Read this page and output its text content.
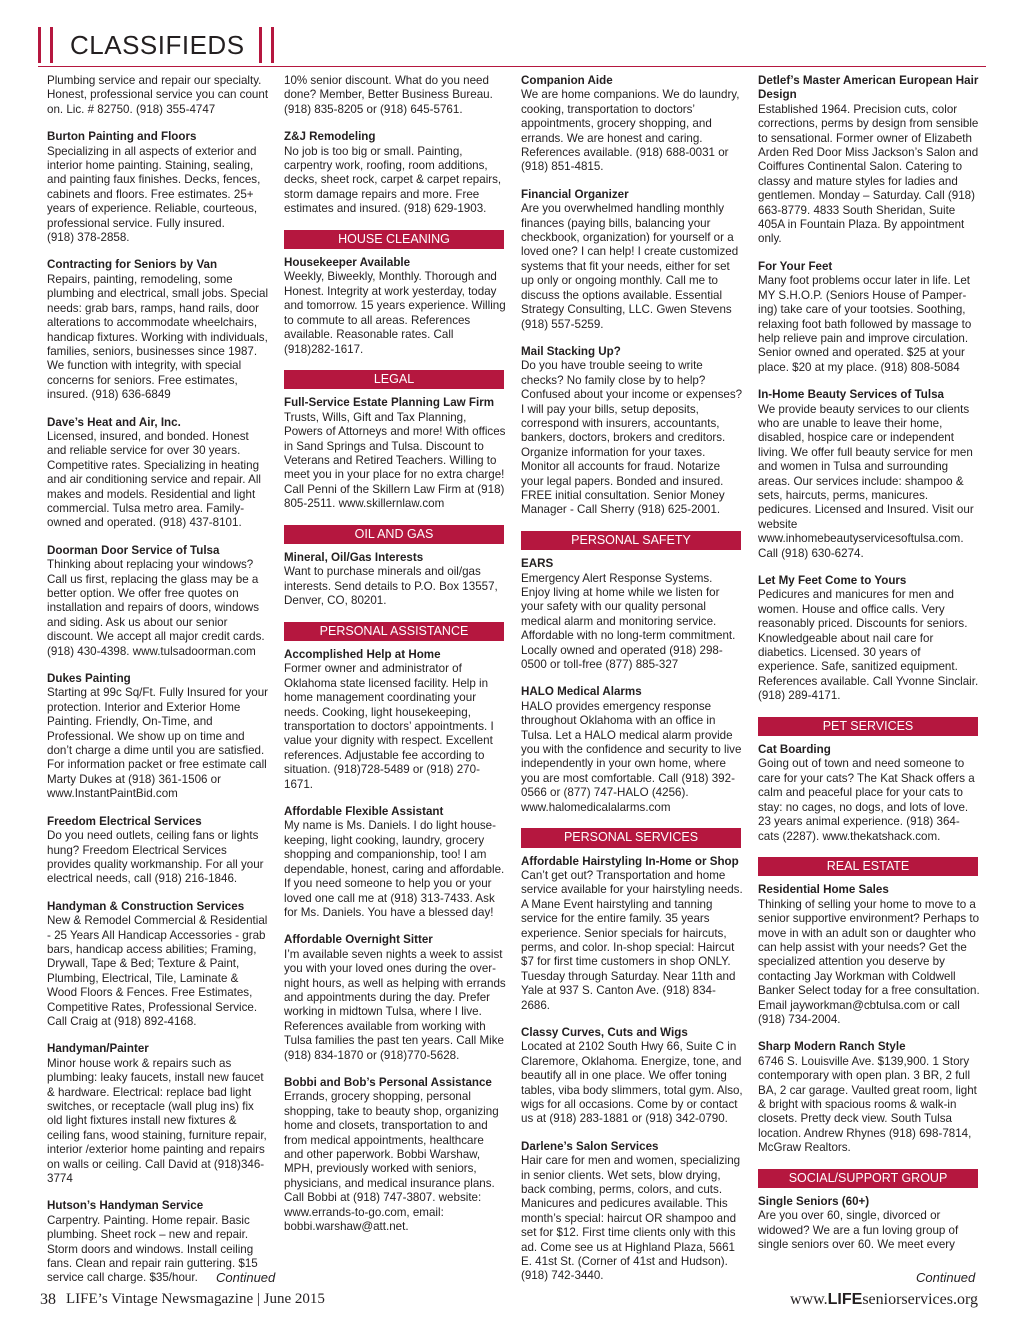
CLASSIFIEDS
Plumbing service and repair our specialty. Honest, professional service you can count on. Lic. # 82750. (918) 355-4747
Burton Painting and Floors
Specializing in all aspects of exterior and interior home painting. Staining, sealing, and painting faux finishes. Decks, fences, cabinets and floors. Free estimates. 25+ years of experience. Reliable, courteous, professional service. Fully insured.
(918) 378-2858.
Contracting for Seniors by Van
Repairs, painting, remodeling, some plumbing and electrical, small jobs. Special needs: grab bars, ramps, hand rails, door alterations to accommodate wheelchairs, handicap fixtures. Working with individuals, families, seniors, businesses since 1987. We function with integrity, with special concerns for seniors. Free estimates, insured. (918) 636-6849
Dave’s Heat and Air, Inc.
Licensed, insured, and bonded. Honest and reliable service for over 30 years. Competitive rates. Specializing in heating and air conditioning service and repair. All makes and models. Residential and light commercial. Tulsa metro area. Family-owned and operated. (918) 437-8101.
Doorman Door Service of Tulsa
Thinking about replacing your windows? Call us first, replacing the glass may be a better option. We offer free quotes on installation and repairs of doors, windows and siding. Ask us about our senior discount. We accept all major credit cards. (918) 430-4398. www.tulsadoorman.com
Dukes Painting
Starting at 99c Sq/Ft. Fully Insured for your protection. Interior and Exterior Home Painting. Friendly, On-Time, and Professional. We show up on time and don’t charge a dime until you are satisfied. For information packet or free estimate call Marty Dukes at (918) 361-1506 or www.InstantPaintBid.com
Freedom Electrical Services
Do you need outlets, ceiling fans or lights hung? Freedom Electrical Services provides quality workmanship. For all your electrical needs, call (918) 216-1846.
Handyman & Construction Services
New & Remodel Commercial & Residential - 25 Years All Handicap Accessories - grab bars, handicap access abilities; Framing, Drywall, Tape & Bed; Texture & Paint, Plumbing, Electrical, Tile, Laminate & Wood Floors & Fences. Free Estimates, Competitive Rates, Professional Service. Call Craig at (918) 892-4168.
Handyman/Painter
Minor house work & repairs such as plumbing: leaky faucets, install new faucet & hardware. Electrical: replace bad light switches, or receptacle (wall plug ins) fix old light fixtures install new fixtures & ceiling fans, wood staining, furniture repair, interior /exterior home painting and repairs on walls or ceiling. Call David at (918)346-3774
Hutson’s Handyman Service
Carpentry. Painting. Home repair. Basic plumbing. Sheet rock – new and repair. Storm doors and windows. Install ceiling fans. Clean and repair rain guttering. $15 service call charge. $35/hour.
10% senior discount. What do you need done? Member, Better Business Bureau. (918) 835-8205 or (918) 645-5761.
Z&J Remodeling
No job is too big or small. Painting, carpentry work, roofing, room additions, decks, sheet rock, carpet & carpet repairs, storm damage repairs and more. Free estimates and insured. (918) 629-1903.
HOUSE CLEANING
Housekeeper Available
Weekly, Biweekly, Monthly. Thorough and Honest. Integrity at work yesterday, today and tomorrow. 15 years experience. Willing to commute to all areas. References available. Reasonable rates. Call (918)282-1617.
LEGAL
Full-Service Estate Planning Law Firm
Trusts, Wills, Gift and Tax Planning, Powers of Attorneys and more! With offices in Sand Springs and Tulsa. Discount to Veterans and Retired Teachers. Willing to meet you in your place for no extra charge! Call Penni of the Skillern Law Firm at (918) 805-2511. www.skillernlaw.com
OIL AND GAS
Mineral, Oil/Gas Interests
Want to purchase minerals and oil/gas interests. Send details to P.O. Box 13557, Denver, CO, 80201.
PERSONAL ASSISTANCE
Accomplished Help at Home
Former owner and administrator of Oklahoma state licensed facility. Help in home management coordinating your needs. Cooking, light housekeeping, transportation to doctors’ appointments. I value your dignity with respect. Excellent references. Adjustable fee according to situation. (918)728-5489 or (918) 270-1671.
Affordable Flexible Assistant
My name is Ms. Daniels. I do light house-keeping, light cooking, laundry, grocery shopping and companionship, too! I am dependable, honest, caring and affordable. If you need someone to help you or your loved one call me at (918) 313-7433. Ask for Ms. Daniels. You have a blessed day!
Affordable Overnight Sitter
I’m available seven nights a week to assist you with your loved ones during the over-night hours, as well as helping with errands and appointments during the day. Prefer working in midtown Tulsa, where I live. References available from working with Tulsa families the past ten years. Call Mike (918) 834-1870 or (918)770-5628.
Bobbi and Bob’s Personal Assistance
Errands, grocery shopping, personal shopping, take to beauty shop, organizing home and closets, transportation to and from medical appointments, healthcare and other paperwork. Bobbi Warshaw, MPH, previously worked with seniors, physicians, and medical insurance plans. Call Bobbi at (918) 747-3807. website: www.errands-to-go.com, email: bobbi.warshaw@att.net.
Companion Aide
We are home companions. We do laundry, cooking, transportation to doctors’ appointments, grocery shopping, and errands. We are honest and caring. References available. (918) 688-0031 or (918) 851-4815.
Financial Organizer
Are you overwhelmed handling monthly finances (paying bills, balancing your checkbook, organization) for yourself or a loved one? I can help! I create customized systems that fit your needs, either for set up only or ongoing monthly. Call me to discuss the options available. Essential Strategy Consulting, LLC. Gwen Stevens (918) 557-5259.
Mail Stacking Up?
Do you have trouble seeing to write checks? No family close by to help? Confused about your income or expenses? I will pay your bills, setup deposits, correspond with insurers, accountants, bankers, doctors, brokers and creditors. Organize information for your taxes. Monitor all accounts for fraud. Notarize your legal papers. Bonded and insured. FREE initial consultation. Senior Money Manager - Call Sherry (918) 625-2001.
PERSONAL SAFETY
EARS
Emergency Alert Response Systems. Enjoy living at home while we listen for your safety with our quality personal medical alarm and monitoring service. Affordable with no long-term commitment. Locally owned and operated (918) 298-0500 or toll-free (877) 885-327
HALO Medical Alarms
HALO provides emergency response throughout Oklahoma with an office in Tulsa. Let a HALO medical alarm provide you with the confidence and security to live independently in your own home, where you are most comfortable. Call (918) 392-0566 or (877) 747-HALO (4256). www.halomedicalalarms.com
PERSONAL SERVICES
Affordable Hairstyling In-Home or Shop
Can’t get out? Transportation and home service available for your hairstyling needs. A Mane Event hairstyling and tanning service for the entire family. 35 years experience. Senior specials for haircuts, perms, and color. In-shop special: Haircut $7 for first time customers in shop ONLY. Tuesday through Saturday. Near 11th and Yale at 937 S. Canton Ave. (918) 834-2686.
Classy Curves, Cuts and Wigs
Located at 2102 South Hwy 66, Suite C in Claremore, Oklahoma. Energize, tone, and beautify all in one place. We offer toning tables, viba body slimmers, total gym. Also, wigs for all occasions. Come by or contact us at (918) 283-1881 or (918) 342-0790.
Darlene’s Salon Services
Hair care for men and women, specializing in senior clients. Wet sets, blow drying, back combing, perms, colors, and cuts. Manicures and pedicures available. This month’s special: haircut OR shampoo and set for $12. First time clients only with this ad. Come see us at Highland Plaza, 5661 E. 41st St. (Corner of 41st and Hudson). (918) 742-3440.
Detlef’s Master American European Hair Design
Established 1964. Precision cuts, color corrections, perms by design from sensible to sensational. Former owner of Elizabeth Arden Red Door Miss Jackson’s Salon and Coiffures Continental Salon. Catering to classy and mature styles for ladies and gentlemen. Monday – Saturday. Call (918) 663-8779. 4833 South Sheridan, Suite 405A in Fountain Plaza. By appointment only.
For Your Feet
Many foot problems occur later in life. Let MY S.H.O.P. (Seniors House of Pamper-ing) take care of your tootsies. Soothing, relaxing foot bath followed by massage to help relieve pain and improve circulation. Senior owned and operated. $25 at your place. $20 at my place. (918) 808-5084
In-Home Beauty Services of Tulsa
We provide beauty services to our clients who are unable to leave their home, disabled, hospice care or independent living. We offer full beauty service for men and women in Tulsa and surrounding areas. Our services include: shampoo & sets, haircuts, perms, manicures. pedicures. Licensed and Insured. Visit our website www.inhomebeautyservicesoftulsa.com. Call (918) 630-6274.
Let My Feet Come to Yours
Pedicures and manicures for men and women. House and office calls. Very reasonably priced. Discounts for seniors. Knowledgeable about nail care for diabetics. Licensed. 30 years of experience. Safe, sanitized equipment. References available. Call Yvonne Sinclair. (918) 289-4171.
PET SERVICES
Cat Boarding
Going out of town and need someone to care for your cats? The Kat Shack offers a calm and peaceful place for your cats to stay: no cages, no dogs, and lots of love. 23 years animal experience. (918) 364-cats (2287). www.thekatshack.com.
REAL ESTATE
Residential Home Sales
Thinking of selling your home to move to a senior supportive environment? Perhaps to move in with an adult son or daughter who can help assist with your needs? Get the specialized attention you deserve by contacting Jay Workman with Coldwell Banker Select today for a free consultation. Email jayworkman@cbtulsa.com or call (918) 734-2004.
Sharp Modern Ranch Style
6746 S. Louisville Ave. $139,900. 1 Story contemporary with open plan. 3 BR, 2 full BA, 2 car garage. Vaulted great room, light & bright with spacious rooms & walk-in closets. Pretty deck view. South Tulsa location. Andrew Rhynes (918) 698-7814, McGraw Realtors.
SOCIAL/SUPPORT GROUP
Single Seniors (60+)
Are you over 60, single, divorced or widowed? We are a fun loving group of single seniors over 60. We meet every
Continued	Continued
38 LIFE’s Vintage Newsmagazine | June 2015	www.LIFEseniorservices.org
